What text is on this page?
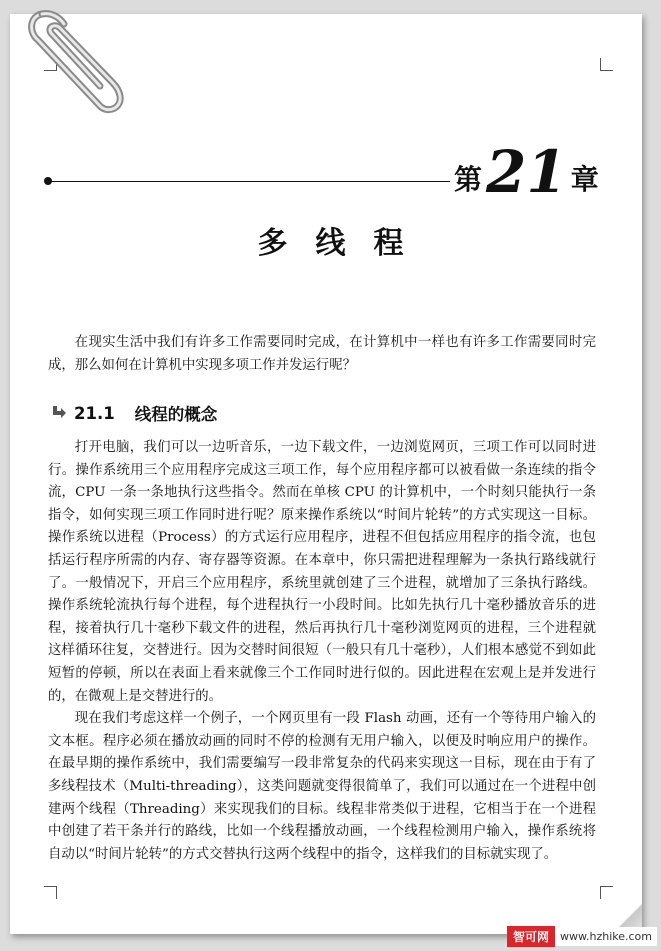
第 21 章
多线程

在现实生活中我们有许多工作需要同时完成，在计算机中一样也有许多工作需要同时完成，那么如何在计算机中实现多项工作并发运行呢？

21.1 线程的概念

打开电脑，我们可以一边听音乐，一边下载文件，一边浏览网页，三项工作可以同时进行。操作系统用三个应用程序完成这三项工作，每个应用程序都可以被看做一条连续的指令流，CPU 一条一条地执行这些指令。然而在单核 CPU 的计算机中，一个时刻只能执行一条指令，如何实现三项工作同时进行呢？原来操作系统以“时间片轮转”的方式实现这一目标。操作系统以进程（Process）的方式运行应用程序，进程不但包括应用程序的指令流，也包括运行程序所需的内存、寄存器等资源。在本章中，你只需把进程理解为一条执行路线就行了。一般情况下，开启三个应用程序，系统里就创建了三个进程，就增加了三条执行路线。操作系统轮流执行每个进程，每个进程执行一小段时间。比如先执行几十毫秒播放音乐的进程，接着执行几十毫秒下载文件的进程，然后再执行几十毫秒浏览网页的进程，三个进程就这样循环往复，交替进行。因为交替时间很短（一般只有几十毫秒），人们根本感觉不到如此短暂的停顿，所以在表面上看来就像三个工作同时进行似的。因此进程在宏观上是并发进行的，在微观上是交替进行的。

现在我们考虑这样一个例子，一个网页里有一段 Flash 动画，还有一个等待用户输入的文本框。程序必须在播放动画的同时不停的检测有无用户输入，以便及时响应用户的操作。在最早期的操作系统中，我们需要编写一段非常复杂的代码来实现这一目标，现在由于有了多线程技术（Multi-threading），这类问题就变得很简单了，我们可以通过在一个进程中创建两个线程（Threading）来实现我们的目标。线程非常类似于进程，它相当于在一个进程中创建了若干条并行的路线，比如一个线程播放动画，一个线程检测用户输入，操作系统将自动以“时间片轮转”的方式交替执行这两个线程中的指令，这样我们的目标就实现了。

智可网	www.hzhike.com
